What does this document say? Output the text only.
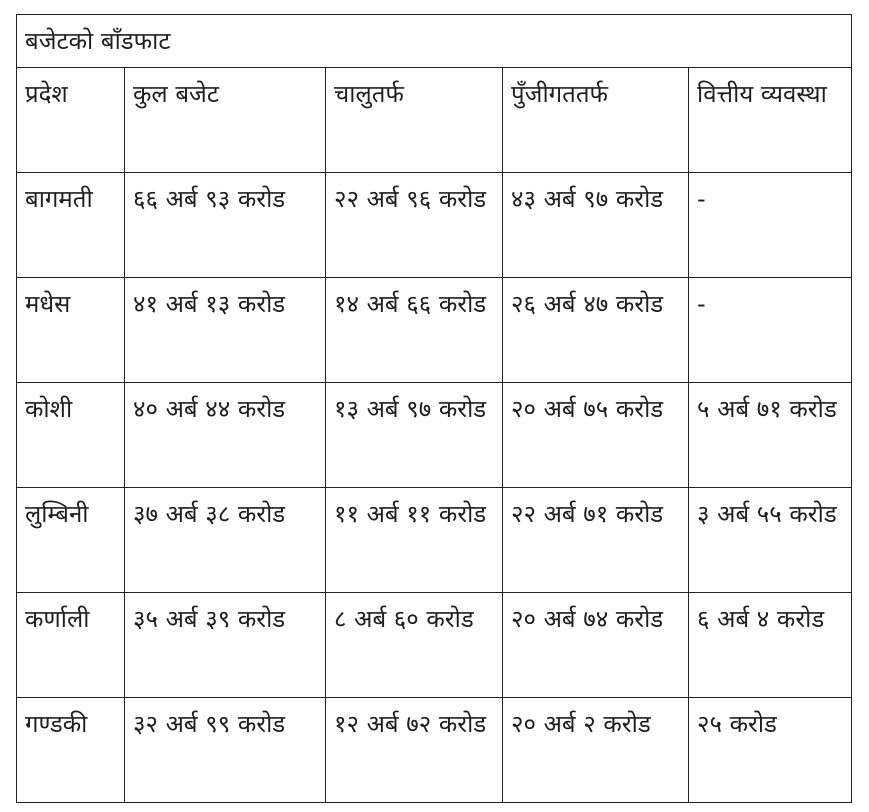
बजेटको बाँडफाट				
प्रदेश	कुल बजेट	चालुतर्फ	पुँजीगततर्फ	वित्तीय व्यवस्था
बागमती	६६ अर्ब ९३ करोड	२२ अर्ब ९६ करोड	४३ अर्ब ९७ करोड	-
मधेस	४१ अर्ब १३ करोड	१४ अर्ब ६६ करोड	२६ अर्ब ४७ करोड	-
कोशी	४० अर्ब ४४ करोड	१३ अर्ब ९७ करोड	२० अर्ब ७५ करोड	५ अर्ब ७१ करोड
लुम्बिनी	३७ अर्ब ३८ करोड	११ अर्ब ११ करोड	२२ अर्ब ७१ करोड	३ अर्ब ५५ करोड
कर्णाली	३५ अर्ब ३९ करोड	८ अर्ब ६० करोड	२० अर्ब ७४ करोड	६ अर्ब ४ करोड
गण्डकी	३२ अर्ब ९९ करोड	१२ अर्ब ७२ करोड	२० अर्ब २ करोड	२५ करोड
